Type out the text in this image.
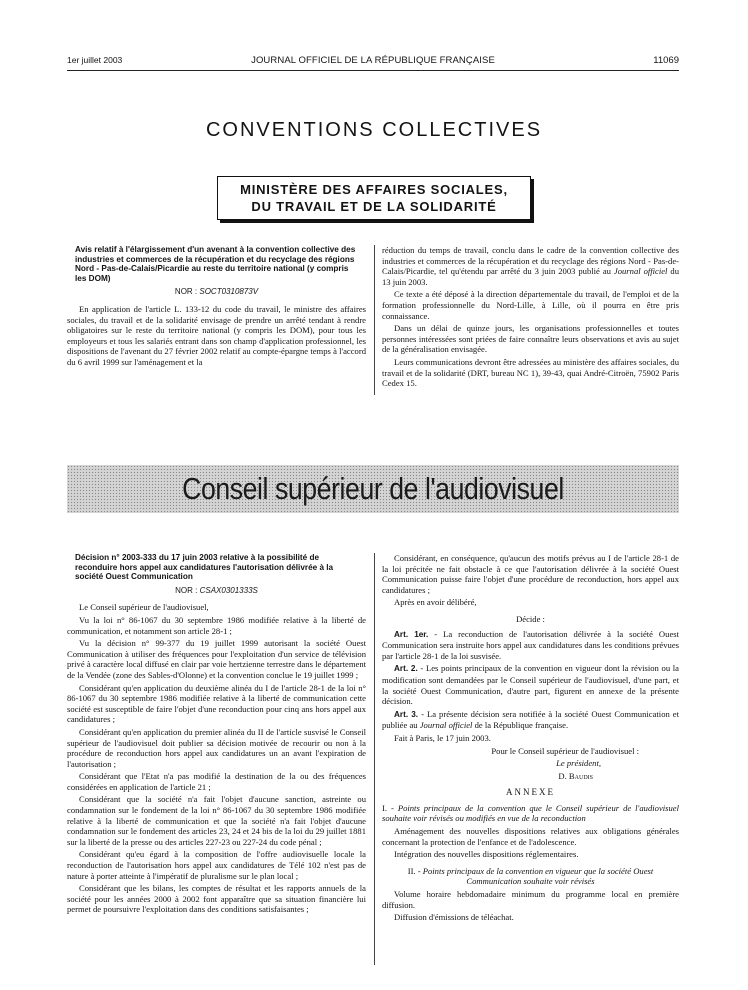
1er juillet 2003	JOURNAL OFFICIEL DE LA RÉPUBLIQUE FRANÇAISE	11069
CONVENTIONS COLLECTIVES
MINISTÈRE DES AFFAIRES SOCIALES,
DU TRAVAIL ET DE LA SOLIDARITÉ
Avis relatif à l'élargissement d'un avenant à la convention collective des industries et commerces de la récupération et du recyclage des régions Nord - Pas-de-Calais/Picardie au reste du territoire national (y compris les DOM)
NOR : SOCT0310873V

En application de l'article L. 133-12 du code du travail, le ministre des affaires sociales, du travail et de la solidarité envisage de prendre un arrêté tendant à rendre obligatoires sur le reste du territoire national (y compris les DOM), pour tous les employeurs et tous les salariés entrant dans son champ d'application professionnel, les dispositions de l'avenant du 27 février 2002 relatif au compte-épargne temps à l'accord du 6 avril 1999 sur l'aménagement et la

réduction du temps de travail, conclu dans le cadre de la convention collective des industries et commerces de la récupération et du recyclage des régions Nord - Pas-de-Calais/Picardie, tel qu'étendu par arrêté du 3 juin 2003 publié au Journal officiel du 13 juin 2003.

Ce texte a été déposé à la direction départementale du travail, de l'emploi et de la formation professionnelle du Nord-Lille, à Lille, où il pourra en être pris connaissance.

Dans un délai de quinze jours, les organisations professionnelles et toutes personnes intéressées sont priées de faire connaître leurs observations et avis au sujet de la généralisation envisagée.

Leurs communications devront être adressées au ministère des affaires sociales, du travail et de la solidarité (DRT, bureau NC 1), 39-43, quai André-Citroën, 75902 Paris Cedex 15.

Conseil supérieur de l'audiovisuel
Décision n° 2003-333 du 17 juin 2003 relative à la possibilité de reconduire hors appel aux candidatures l'autorisation délivrée à la société Ouest Communication
NOR : CSAX0301333S

Le Conseil supérieur de l'audiovisuel,

Vu la loi n° 86-1067 du 30 septembre 1986 modifiée relative à la liberté de communication, et notamment son article 28-1 ;

Vu la décision n° 99-377 du 19 juillet 1999 autorisant la société Ouest Communication à utiliser des fréquences pour l'exploitation d'un service de télévision privé à caractère local diffusé en clair par voie hertzienne terrestre dans le département de la Vendée (zone des Sables-d'Olonne) et la convention conclue le 19 juillet 1999 ;

Considérant qu'en application du deuxième alinéa du I de l'article 28-1 de la loi n° 86-1067 du 30 septembre 1986 modifiée relative à la liberté de communication cette société est susceptible de faire l'objet d'une reconduction pour cinq ans hors appel aux candidatures ;

Considérant qu'en application du premier alinéa du II de l'article susvisé le Conseil supérieur de l'audiovisuel doit publier sa décision motivée de recourir ou non à la procédure de reconduction hors appel aux candidatures un an avant l'expiration de l'autorisation ;

Considérant que l'Etat n'a pas modifié la destination de la ou des fréquences considérées en application de l'article 21 ;

Considérant que la société n'a fait l'objet d'aucune sanction, astreinte ou condamnation sur le fondement de la loi n° 86-1067 du 30 septembre 1986 modifiée relative à la liberté de communication et que la société n'a fait l'objet d'aucune condamnation sur le fondement des articles 23, 24 et 24 bis de la loi du 29 juillet 1881 sur la liberté de la presse ou des articles 227-23 ou 227-24 du code pénal ;

Considérant qu'eu égard à la composition de l'offre audiovisuelle locale la reconduction de l'autorisation hors appel aux candidatures de Télé 102 n'est pas de nature à porter atteinte à l'impératif de pluralisme sur le plan local ;

Considérant que les bilans, les comptes de résultat et les rapports annuels de la société pour les années 2000 à 2002 font apparaître que sa situation financière lui permet de poursuivre l'exploitation dans des conditions satisfaisantes ;

Considérant, en conséquence, qu'aucun des motifs prévus au I de l'article 28-1 de la loi précitée ne fait obstacle à ce que l'autorisation délivrée à la société Ouest Communication puisse faire l'objet d'une procédure de reconduction, hors appel aux candidatures ;

Après en avoir délibéré,

Décide :

Art. 1er. - La reconduction de l'autorisation délivrée à la société Ouest Communication sera instruite hors appel aux candidatures dans les conditions prévues par l'article 28-1 de la loi susvisée.

Art. 2. - Les points principaux de la convention en vigueur dont la révision ou la modification sont demandées par le Conseil supérieur de l'audiovisuel, d'une part, et la société Ouest Communication, d'autre part, figurent en annexe de la présente décision.

Art. 3. - La présente décision sera notifiée à la société Ouest Communication et publiée au Journal officiel de la République française.

Fait à Paris, le 17 juin 2003.

Pour le Conseil supérieur de l'audiovisuel :

Le président,

D. Baudis

ANNEXE

I. - Points principaux de la convention que le Conseil supérieur de l'audiovisuel souhaite voir révisés ou modifiés en vue de la reconduction

Aménagement des nouvelles dispositions relatives aux obligations générales concernant la protection de l'enfance et de l'adolescence.

Intégration des nouvelles dispositions réglementaires.

II. - Points principaux de la convention en vigueur que la société Ouest Communication souhaite voir révisés

Volume horaire hebdomadaire minimum du programme local en première diffusion.

Diffusion d'émissions de téléachat.
